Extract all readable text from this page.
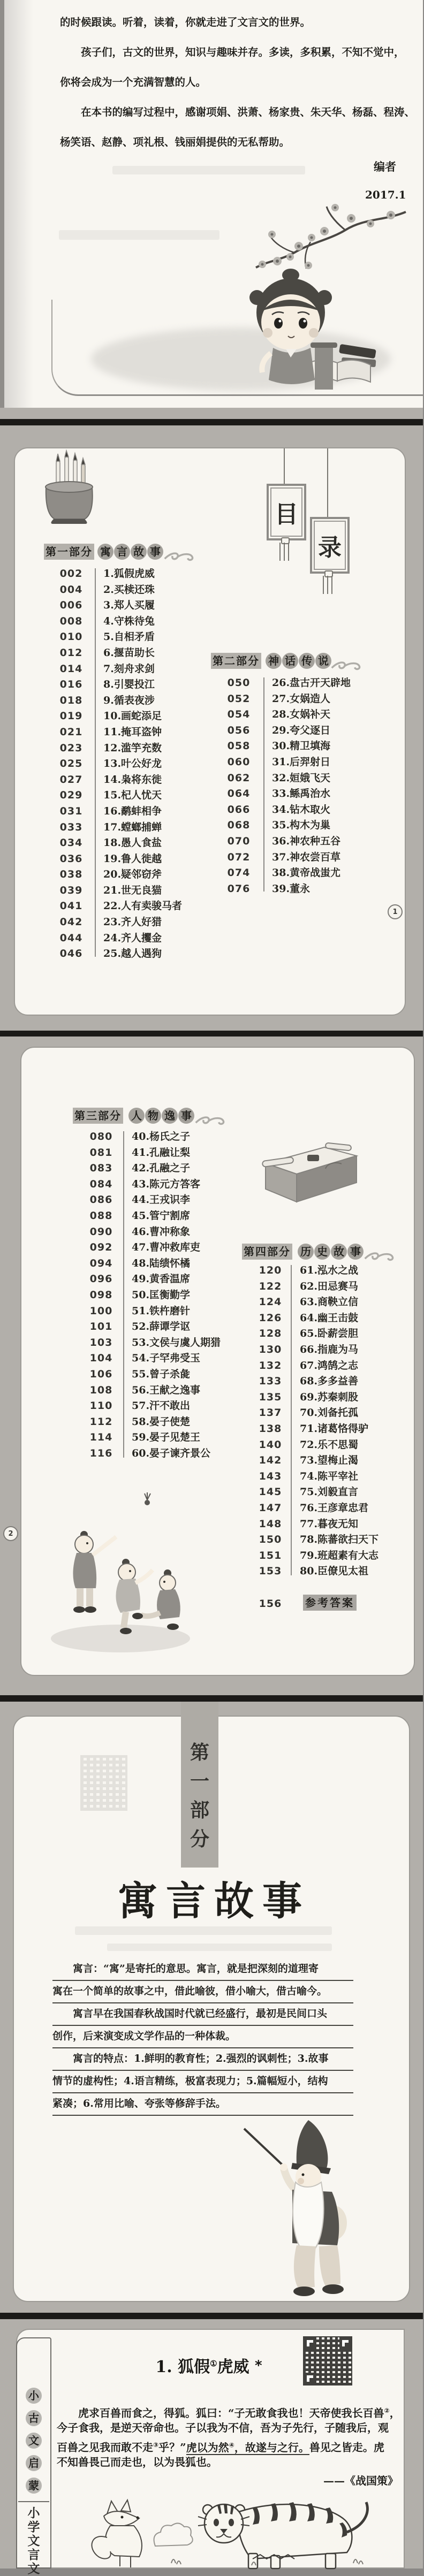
的时候跟读。听着，读着，你就走进了文言文的世界。
　　孩子们，古文的世界，知识与趣味并存。多读，多积累，不知不觉中，
你将会成为一个充满智慧的人。
　　在本书的编写过程中，感谢项娟、洪萧、杨家贵、朱天华、杨磊、程涛、
杨笑语、赵静、项礼根、钱丽娟提供的无私帮助。
编者
2017.1
目
录
第一部分 寓 言 故 事
002	1.狐假虎威
004	2.买椟还珠
006	3.郑人买履
008	4.守株待兔
010	5.自相矛盾
012	6.揠苗助长
014	7.刻舟求剑
016	8.引婴投江
018	9.循表夜涉
019	10.画蛇添足
021	11.掩耳盗钟
023	12.滥竽充数
025	13.叶公好龙
027	14.枭将东徙
029	15.杞人忧天
031	16.鹬蚌相争
033	17.螳螂捕蝉
034	18.愚人食盐
036	19.鲁人徙越
038	20.疑邻窃斧
039	21.世无良猫
041	22.人有卖骏马者
042	23.齐人好猎
044	24.齐人攫金
046	25.越人遇狗
第二部分 神 话 传 说
050	26.盘古开天辟地
052	27.女娲造人
054	28.女娲补天
056	29.夸父逐日
058	30.精卫填海
060	31.后羿射日
062	32.姮娥飞天
064	33.鲧禹治水
066	34.钻木取火
068	35.构木为巢
070	36.神农种五谷
072	37.神农尝百草
074	38.黄帝战蚩尤
076	39.董永
1
第三部分 人 物 逸 事
080	40.杨氏之子
081	41.孔融让梨
083	42.孔融之子
084	43.陈元方答客
086	44.王戎识李
088	45.管宁割席
090	46.曹冲称象
092	47.曹冲救库吏
094	48.陆绩怀橘
096	49.黄香温席
098	50.匡衡勤学
100	51.铁杵磨针
101	52.薛谭学讴
103	53.文侯与虞人期猎
104	54.子罕弗受玉
106	55.曾子杀彘
108	56.王献之逸事
110	57.汗不敢出
112	58.晏子使楚
114	59.晏子见楚王
116	60.晏子谏齐景公
第四部分 历 史 故 事
120	61.泓水之战
122	62.田忌赛马
124	63.商鞅立信
126	64.幽王击鼓
128	65.卧薪尝胆
130	66.指鹿为马
132	67.鸿鹄之志
133	68.多多益善
135	69.苏秦刺股
137	70.刘备托孤
138	71.诸葛恪得驴
140	72.乐不思蜀
142	73.望梅止渴
143	74.陈平宰社
145	75.刘毅直言
147	76.王彦章忠君
148	77.暮夜无知
150	78.陈蕃欲扫天下
151	79.班超素有大志
153	80.臣僚见太祖
156	参考答案
2
第
一
部
分
寓言故事
　　寓言：“寓”是寄托的意思。寓言，就是把深刻的道理寄
寓在一个简单的故事之中，借此喻彼，借小喻大，借古喻今。
　　寓言早在我国春秋战国时代就已经盛行，最初是民间口头
创作，后来演变成文学作品的一种体裁。
　　寓言的特点：1.鲜明的教育性；2.强烈的讽刺性；3.故事
情节的虚构性；4.语言精练，极富表现力；5.篇幅短小，结构
紧凑；6.常用比喻、夸张等修辞手法。
小
古
文
启
蒙
小
学
文
言
文
1. 狐假①虎威 *
　　虎求百兽而食之，得狐。狐曰：“子无敢食我也！天帝使我长百兽②，
今子食我，是逆天帝命也。子以我为不信，吾为子先行，子随我后，观
百兽之见我而敢不走③乎？”虎以为然④，故遂与之行。兽见之皆走。虎
不知兽畏己而走也，以为畏狐也。
——《战国策》
